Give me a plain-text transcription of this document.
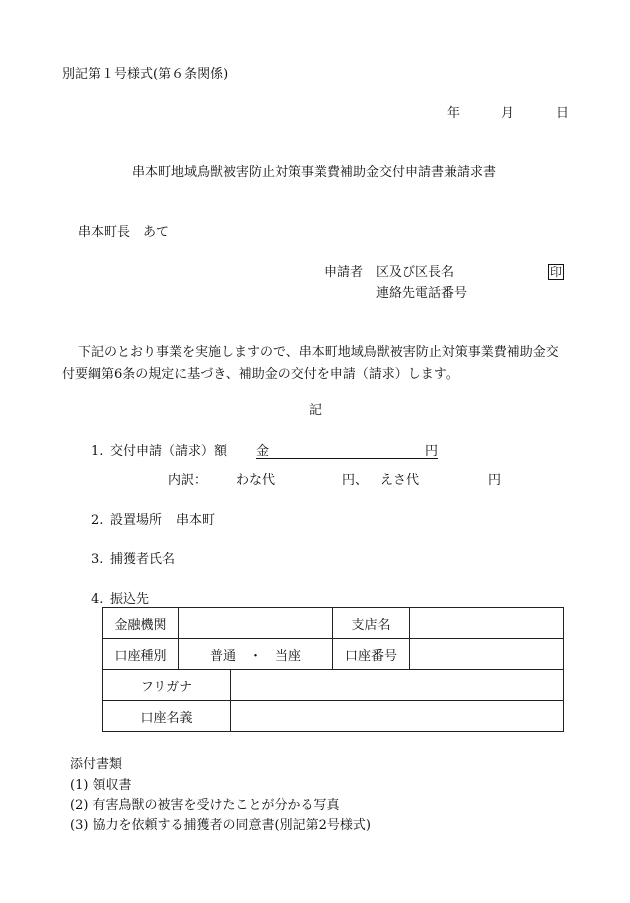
別記第１号様式(第６条関係)
年	月	日
串本町地域鳥獣被害防止対策事業費補助金交付申請書兼請求書
串本町長　あて
申請者 区及び区長名	印
連絡先電話番号
下記のとおり事業を実施しますので、串本町地域鳥獣被害防止対策事業費補助金交
付要綱第6条の規定に基づき、補助金の交付を申請（請求）します。
記
1. 交付申請（請求）額 金　　　　　　　　　　　　円
内訳： わな代	円、 えさ代	円
2. 設置場所 串本町
3. 捕獲者氏名
4. 振込先
金融機関			支店名	
口座種別	普通　・　当座		口座番号	
フリガナ				
口座名義				
添付書類
(1) 領収書
(2) 有害鳥獣の被害を受けたことが分かる写真
(3) 協力を依頼する捕獲者の同意書(別記第2号様式)
